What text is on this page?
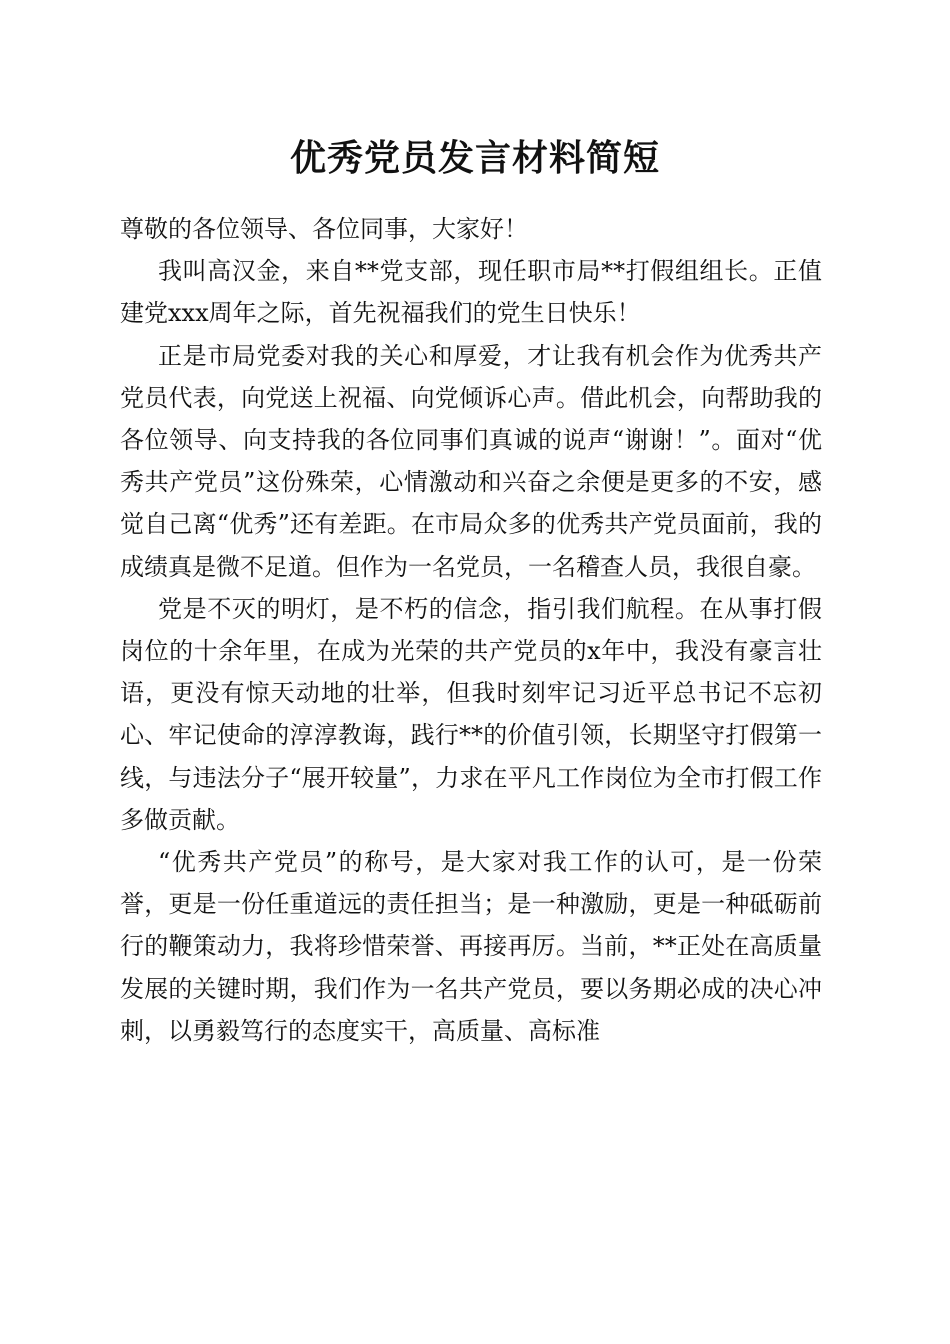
优秀党员发言材料简短

尊敬的各位领导、各位同事，大家好！

我叫高汉金，来自**党支部，现任职市局**打假组组长。正值建党xxx周年之际，首先祝福我们的党生日快乐！

正是市局党委对我的关心和厚爱，才让我有机会作为优秀共产党员代表，向党送上祝福、向党倾诉心声。借此机会，向帮助我的各位领导、向支持我的各位同事们真诚的说声“谢谢！”。面对“优秀共产党员”这份殊荣，心情激动和兴奋之余便是更多的不安，感觉自己离“优秀”还有差距。在市局众多的优秀共产党员面前，我的成绩真是微不足道。但作为一名党员，一名稽查人员，我很自豪。

党是不灭的明灯，是不朽的信念，指引我们航程。在从事打假岗位的十余年里，在成为光荣的共产党员的x年中，我没有豪言壮语，更没有惊天动地的壮举，但我时刻牢记习近平总书记不忘初心、牢记使命的淳淳教诲，践行**的价值引领，长期坚守打假第一线，与违法分子“展开较量”，力求在平凡工作岗位为全市打假工作多做贡献。

“优秀共产党员”的称号，是大家对我工作的认可，是一份荣誉，更是一份任重道远的责任担当；是一种激励，更是一种砥砺前行的鞭策动力，我将珍惜荣誉、再接再厉。当前，**正处在高质量发展的关键时期，我们作为一名共产党员，要以务期必成的决心冲刺，以勇毅笃行的态度实干，高质量、高标准
